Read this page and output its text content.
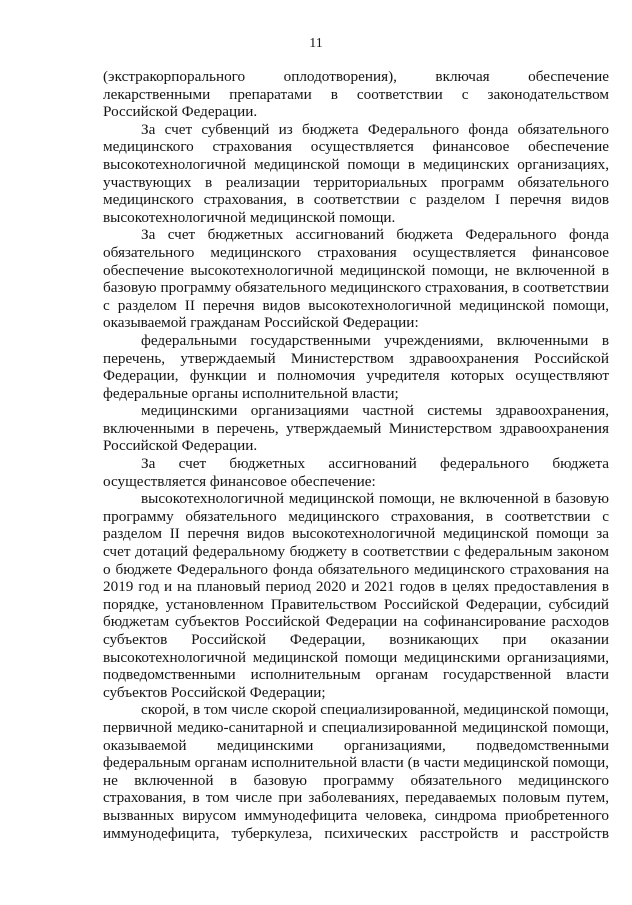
11

(экстракорпорального оплодотворения), включая обеспечение лекарственными препаратами в соответствии с законодательством Российской Федерации.

За счет субвенций из бюджета Федерального фонда обязательного медицинского страхования осуществляется финансовое обеспечение высокотехнологичной медицинской помощи в медицинских организациях, участвующих в реализации территориальных программ обязательного медицинского страхования, в соответствии с разделом I перечня видов высокотехнологичной медицинской помощи.

За счет бюджетных ассигнований бюджета Федерального фонда обязательного медицинского страхования осуществляется финансовое обеспечение высокотехнологичной медицинской помощи, не включенной в базовую программу обязательного медицинского страхования, в соответствии с разделом II перечня видов высокотехнологичной медицинской помощи, оказываемой гражданам Российской Федерации:

федеральными государственными учреждениями, включенными в перечень, утверждаемый Министерством здравоохранения Российской Федерации, функции и полномочия учредителя которых осуществляют федеральные органы исполнительной власти;

медицинскими организациями частной системы здравоохранения, включенными в перечень, утверждаемый Министерством здравоохранения Российской Федерации.

За счет бюджетных ассигнований федерального бюджета осуществляется финансовое обеспечение:

высокотехнологичной медицинской помощи, не включенной в базовую программу обязательного медицинского страхования, в соответствии с разделом II перечня видов высокотехнологичной медицинской помощи за счет дотаций федеральному бюджету в соответствии с федеральным законом о бюджете Федерального фонда обязательного медицинского страхования на 2019 год и на плановый период 2020 и 2021 годов в целях предоставления в порядке, установленном Правительством Российской Федерации, субсидий бюджетам субъектов Российской Федерации на софинансирование расходов субъектов Российской Федерации, возникающих при оказании высокотехнологичной медицинской помощи медицинскими организациями, подведомственными исполнительным органам государственной власти субъектов Российской Федерации;

скорой, в том числе скорой специализированной, медицинской помощи, первичной медико-санитарной и специализированной медицинской помощи, оказываемой медицинскими организациями, подведомственными федеральным органам исполнительной власти (в части медицинской помощи, не включенной в базовую программу обязательного медицинского страхования, в том числе при заболеваниях, передаваемых половым путем, вызванных вирусом иммунодефицита человека, синдрома приобретенного иммунодефицита, туберкулеза, психических расстройств и расстройств
